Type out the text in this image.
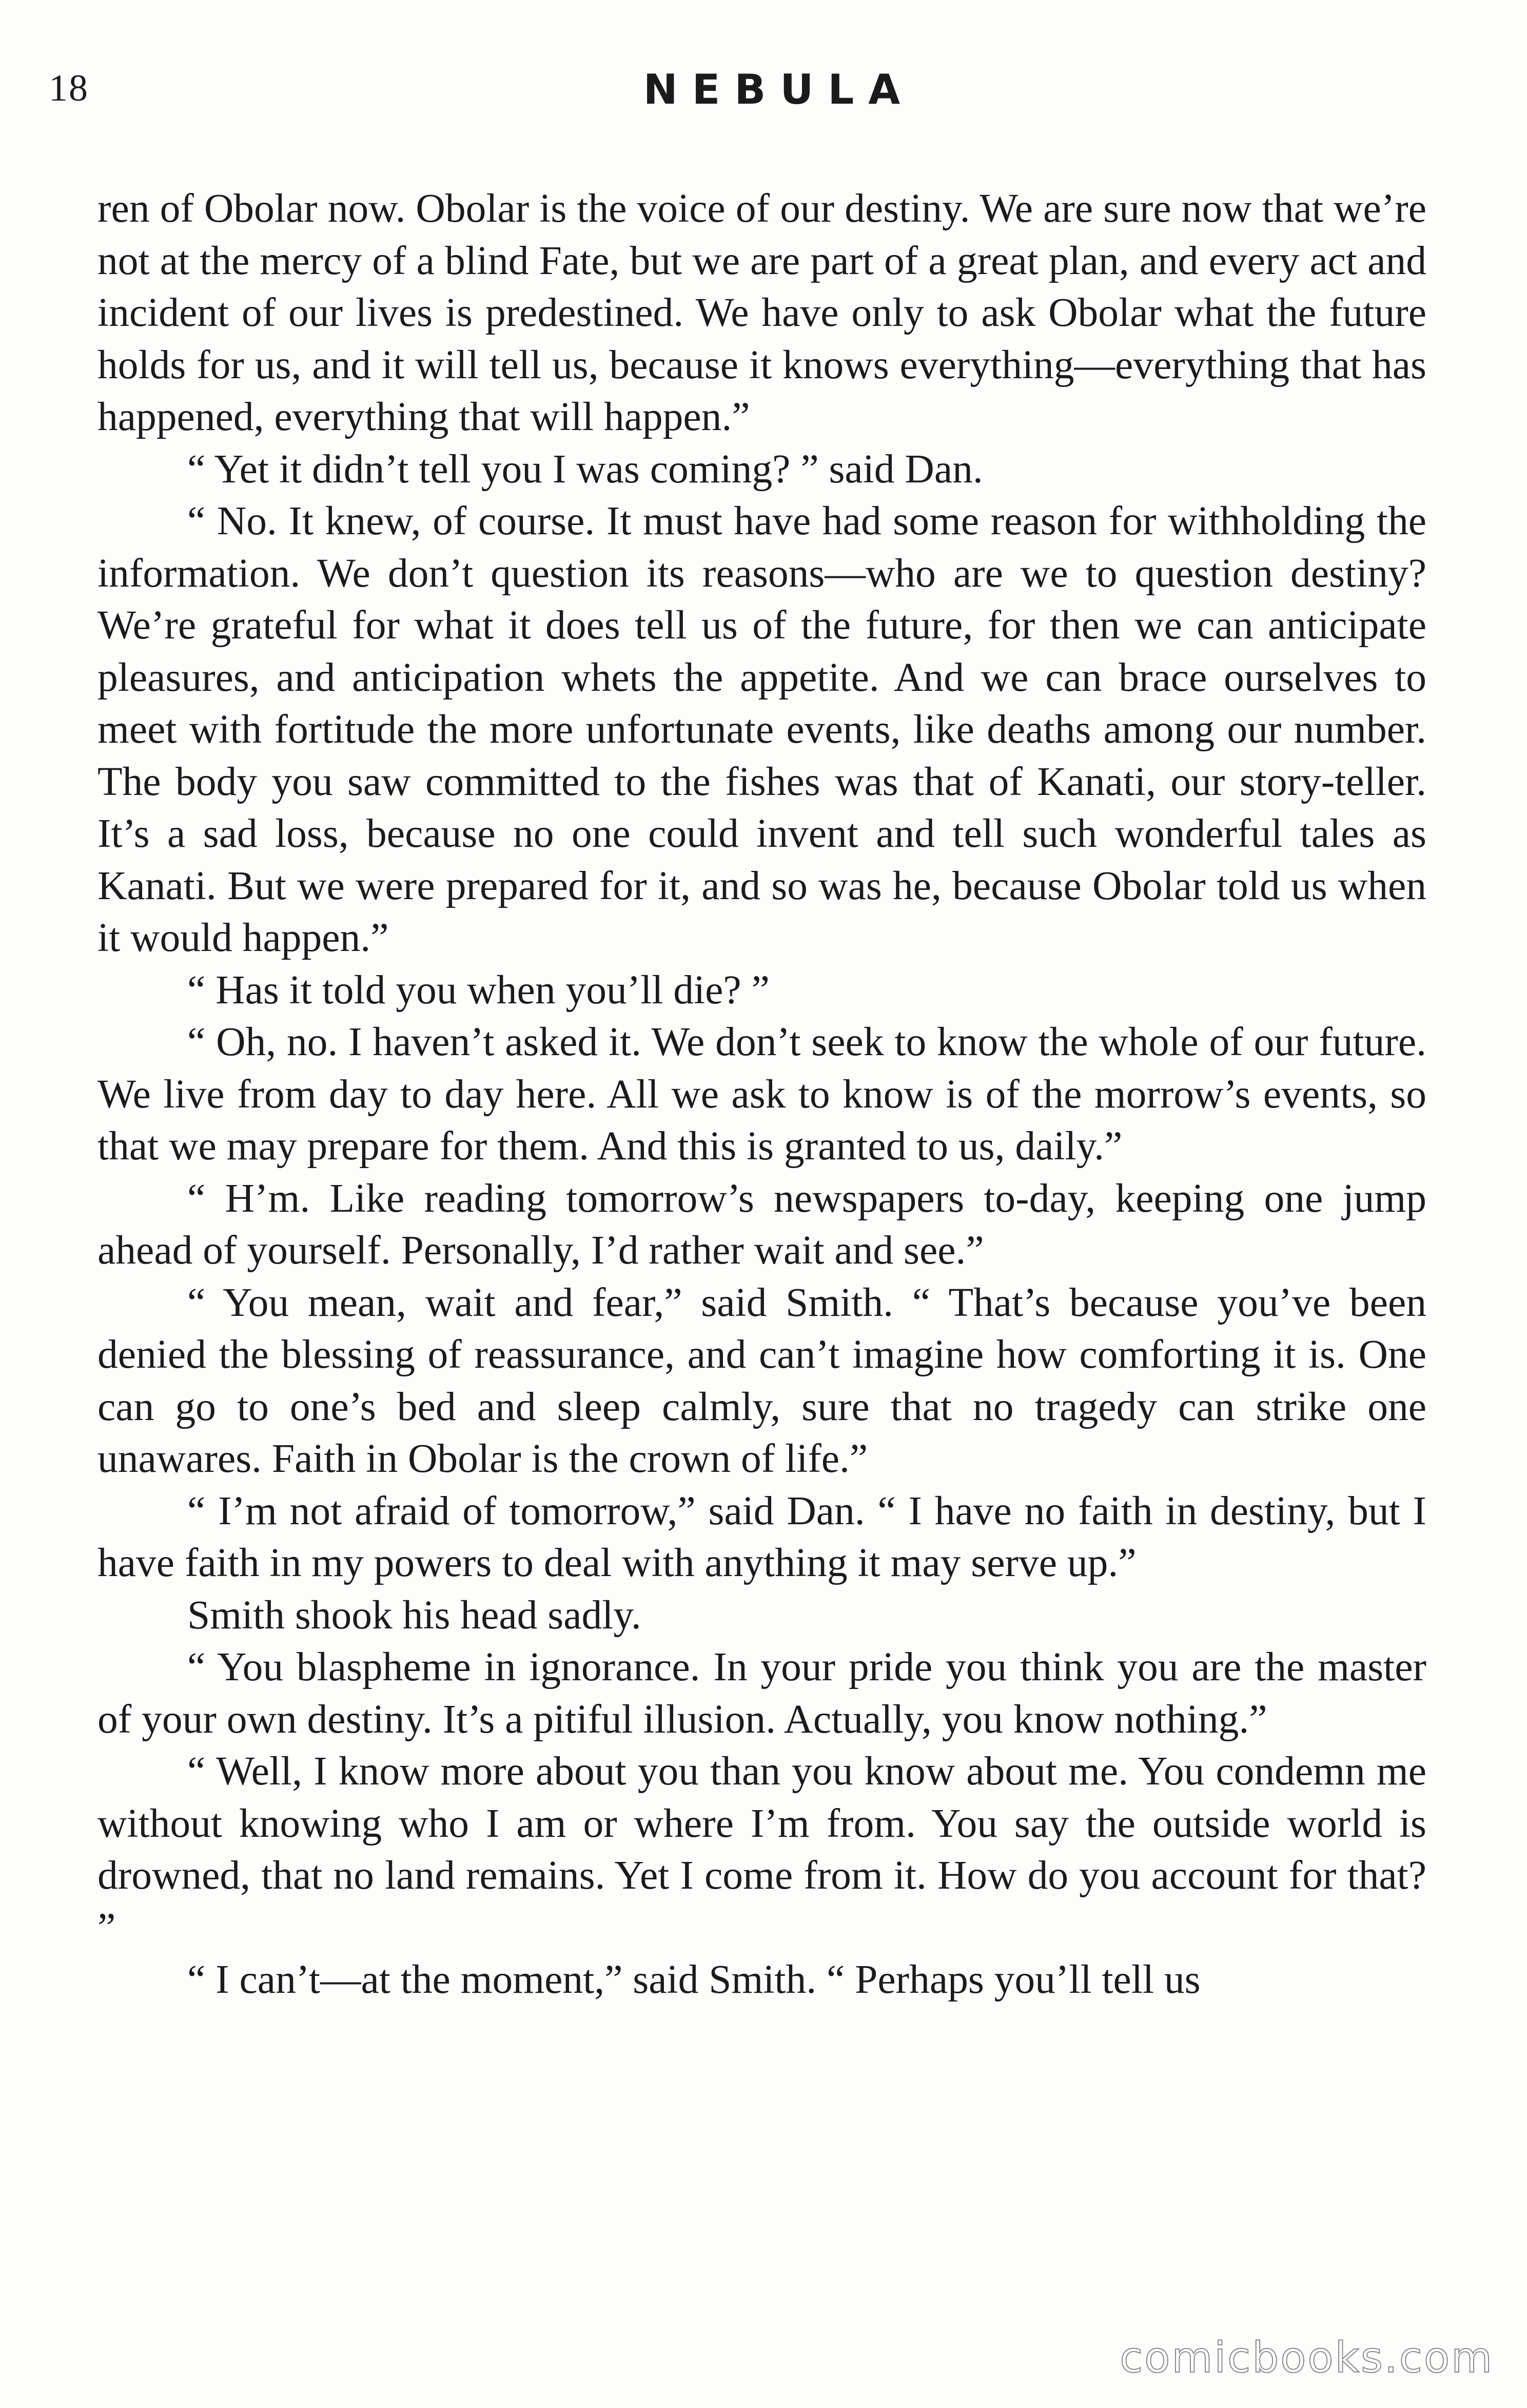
18	NEBULA

ren of Obolar now. Obolar is the voice of our destiny. We are sure now that we’re not at the mercy of a blind Fate, but we are part of a great plan, and every act and incident of our lives is predestined. We have only to ask Obolar what the future holds for us, and it will tell us, because it knows everything—everything that has happened, everything that will happen.”

“ Yet it didn’t tell you I was coming? ” said Dan.

“ No. It knew, of course. It must have had some reason for withholding the information. We don’t question its reasons—who are we to question destiny? We’re grateful for what it does tell us of the future, for then we can anticipate pleasures, and anticipation whets the appetite. And we can brace ourselves to meet with fortitude the more unfortunate events, like deaths among our number. The body you saw committed to the fishes was that of Kanati, our story-teller. It’s a sad loss, because no one could invent and tell such wonderful tales as Kanati. But we were prepared for it, and so was he, because Obolar told us when it would happen.”

“ Has it told you when you’ll die? ”

“ Oh, no. I haven’t asked it. We don’t seek to know the whole of our future. We live from day to day here. All we ask to know is of the morrow’s events, so that we may prepare for them. And this is granted to us, daily.”

“ H’m. Like reading tomorrow’s newspapers to-day, keeping one jump ahead of yourself. Personally, I’d rather wait and see.”

“ You mean, wait and fear,” said Smith. “ That’s because you’ve been denied the blessing of reassurance, and can’t imagine how comforting it is. One can go to one’s bed and sleep calmly, sure that no tragedy can strike one unawares. Faith in Obolar is the crown of life.”

“ I’m not afraid of tomorrow,” said Dan. “ I have no faith in destiny, but I have faith in my powers to deal with anything it may serve up.”

Smith shook his head sadly.

“ You blaspheme in ignorance. In your pride you think you are the master of your own destiny. It’s a pitiful illusion. Actually, you know nothing.”

“ Well, I know more about you than you know about me. You condemn me without knowing who I am or where I’m from. You say the outside world is drowned, that no land remains. Yet I come from it. How do you account for that? ”

“ I can’t—at the moment,” said Smith. “ Perhaps you’ll tell us

comicbooks.com
